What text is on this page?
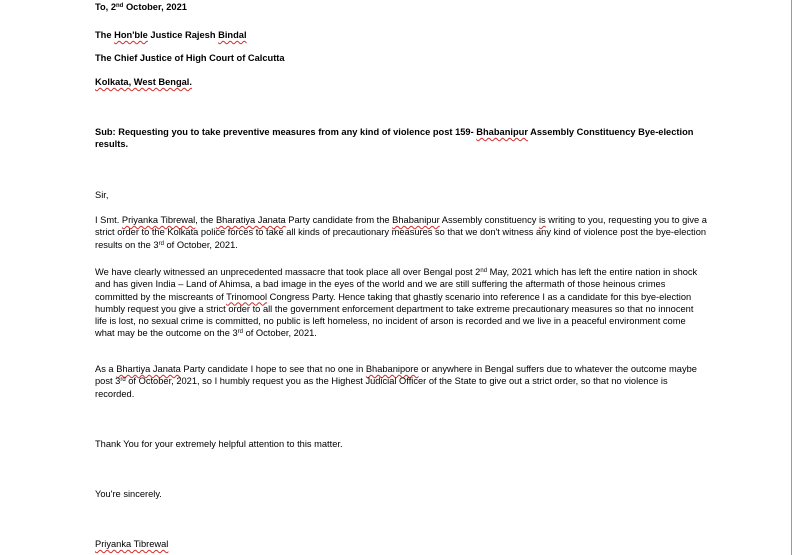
To, 2nd October, 2021
The Hon'ble Justice Rajesh Bindal
The Chief Justice of High Court of Calcutta
Kolkata, West Bengal.
Sub: Requesting you to take preventive measures from any kind of violence post 159- Bhabanipur Assembly Constituency Bye-election results.
Sir,
I Smt. Priyanka Tibrewal, the Bharatiya Janata Party candidate from the Bhabanipur Assembly constituency is writing to you, requesting you to give a strict order to the Kolkata police forces to take all kinds of precautionary measures so that we don't witness any kind of violence post the bye-election results on the 3rd of October, 2021.
We have clearly witnessed an unprecedented massacre that took place all over Bengal post 2nd May, 2021 which has left the entire nation in shock and has given India – Land of Ahimsa, a bad image in the eyes of the world and we are still suffering the aftermath of those heinous crimes committed by the miscreants of Trinomool Congress Party. Hence taking that ghastly scenario into reference I as a candidate for this bye-election humbly request you give a strict order to all the government enforcement department to take extreme precautionary measures so that no innocent life is lost, no sexual crime is committed, no public is left homeless, no incident of arson is recorded and we live in a peaceful environment come what may be the outcome on the 3rd of October, 2021.
As a Bhartiya Janata Party candidate I hope to see that no one in Bhabanipore or anywhere in Bengal suffers due to whatever the outcome maybe post 3rd of October, 2021, so I humbly request you as the Highest Judicial Officer of the State to give out a strict order, so that no violence is recorded.
Thank You for your extremely helpful attention to this matter.
You're sincerely.
Priyanka Tibrewal
